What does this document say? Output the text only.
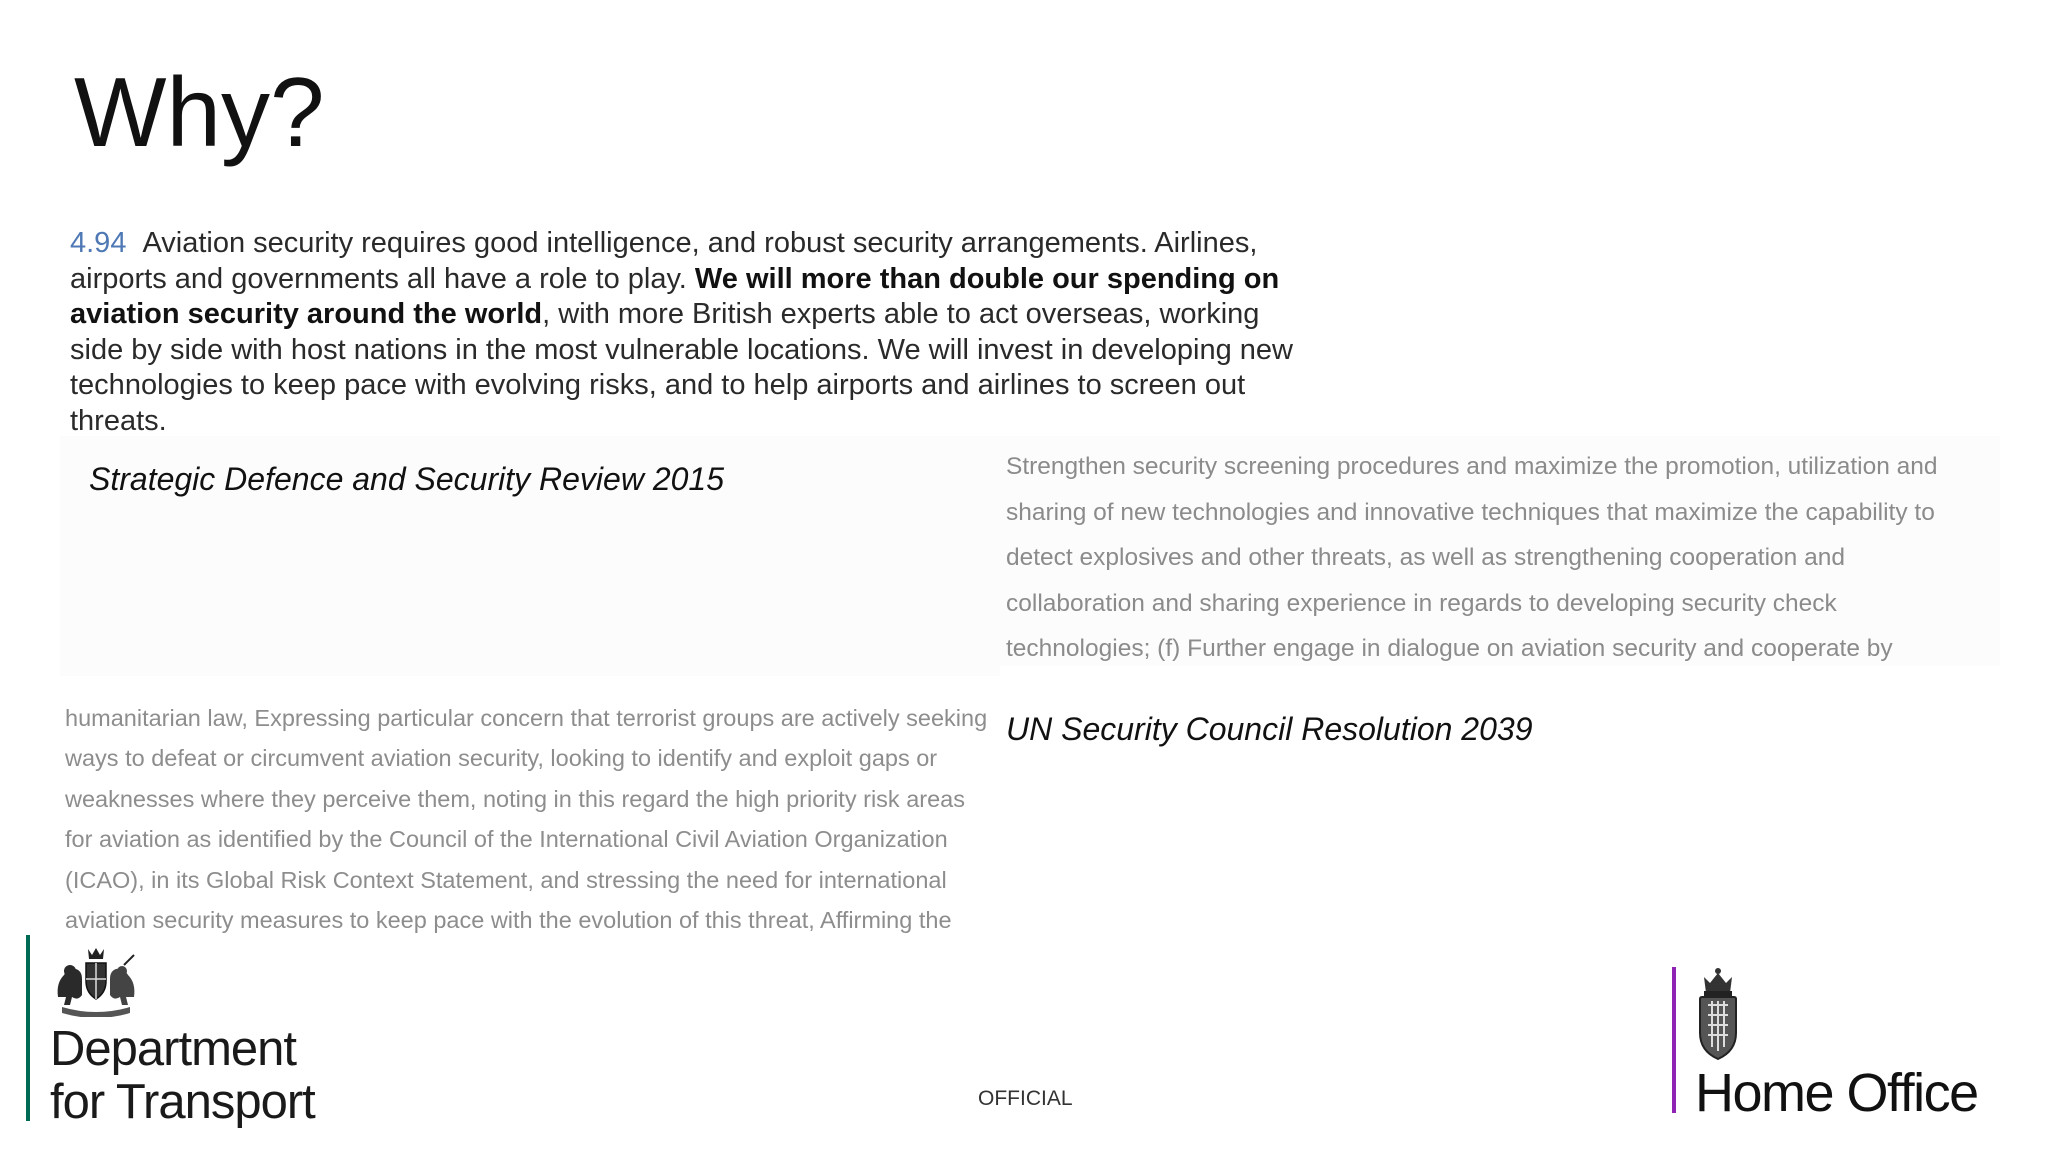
Why?
4.94 Aviation security requires good intelligence, and robust security arrangements. Airlines, airports and governments all have a role to play. We will more than double our spending on aviation security around the world, with more British experts able to act overseas, working side by side with host nations in the most vulnerable locations. We will invest in developing new technologies to keep pace with evolving risks, and to help airports and airlines to screen out threats.
Strategic Defence and Security Review 2015	Strengthen security screening procedures and maximize the promotion, utilization and
sharing of new technologies and innovative techniques that maximize the capability to
detect explosives and other threats, as well as strengthening cooperation and
collaboration and sharing experience in regards to developing security check
technologies; (f) Further engage in dialogue on aviation security and cooperate by
UN Security Council Resolution 2039
humanitarian law, Expressing particular concern that terrorist groups are actively seeking
ways to defeat or circumvent aviation security, looking to identify and exploit gaps or
weaknesses where they perceive them, noting in this regard the high priority risk areas
for aviation as identified by the Council of the International Civil Aviation Organization
(ICAO), in its Global Risk Context Statement, and stressing the need for international
aviation security measures to keep pace with the evolution of this threat, Affirming the
Department
for Transport	OFFICIAL	Home Office
